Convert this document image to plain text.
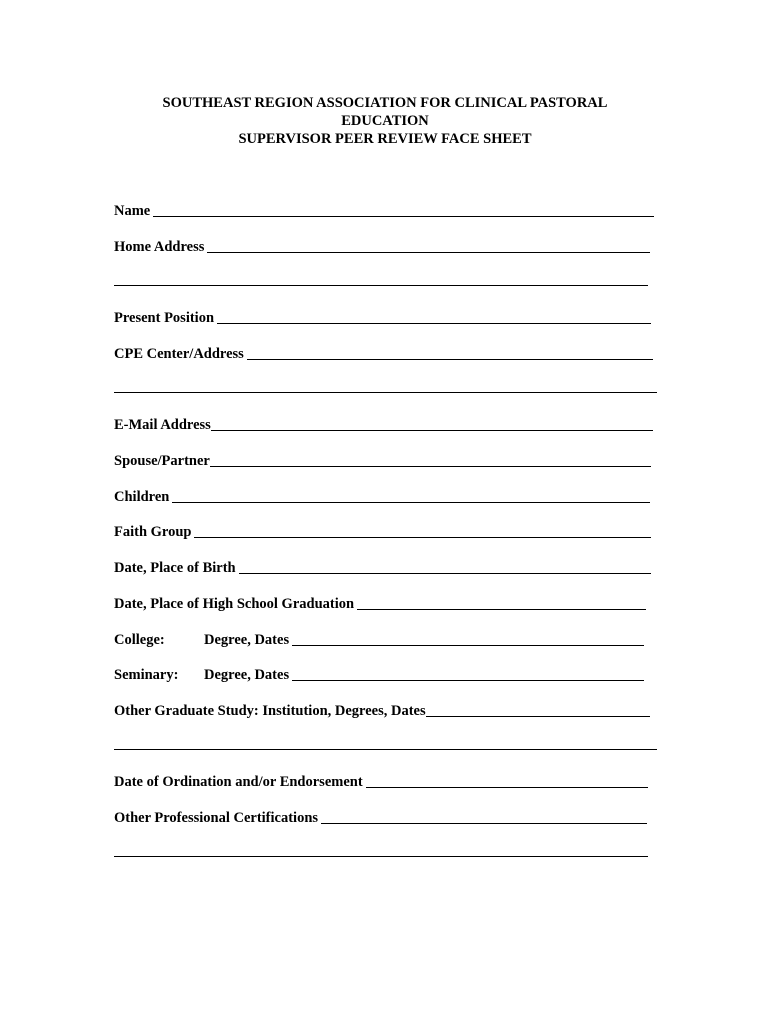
SOUTHEAST REGION ASSOCIATION FOR CLINICAL PASTORAL
EDUCATION
SUPERVISOR PEER REVIEW FACE SHEET
Name
Home Address
Present Position
CPE Center/Address
E-Mail Address
Spouse/Partner
Children
Faith Group
Date, Place of Birth
Date, Place of High School Graduation
College:	Degree, Dates
Seminary:	Degree, Dates
Other Graduate Study: Institution, Degrees, Dates
Date of Ordination and/or Endorsement
Other Professional Certifications
